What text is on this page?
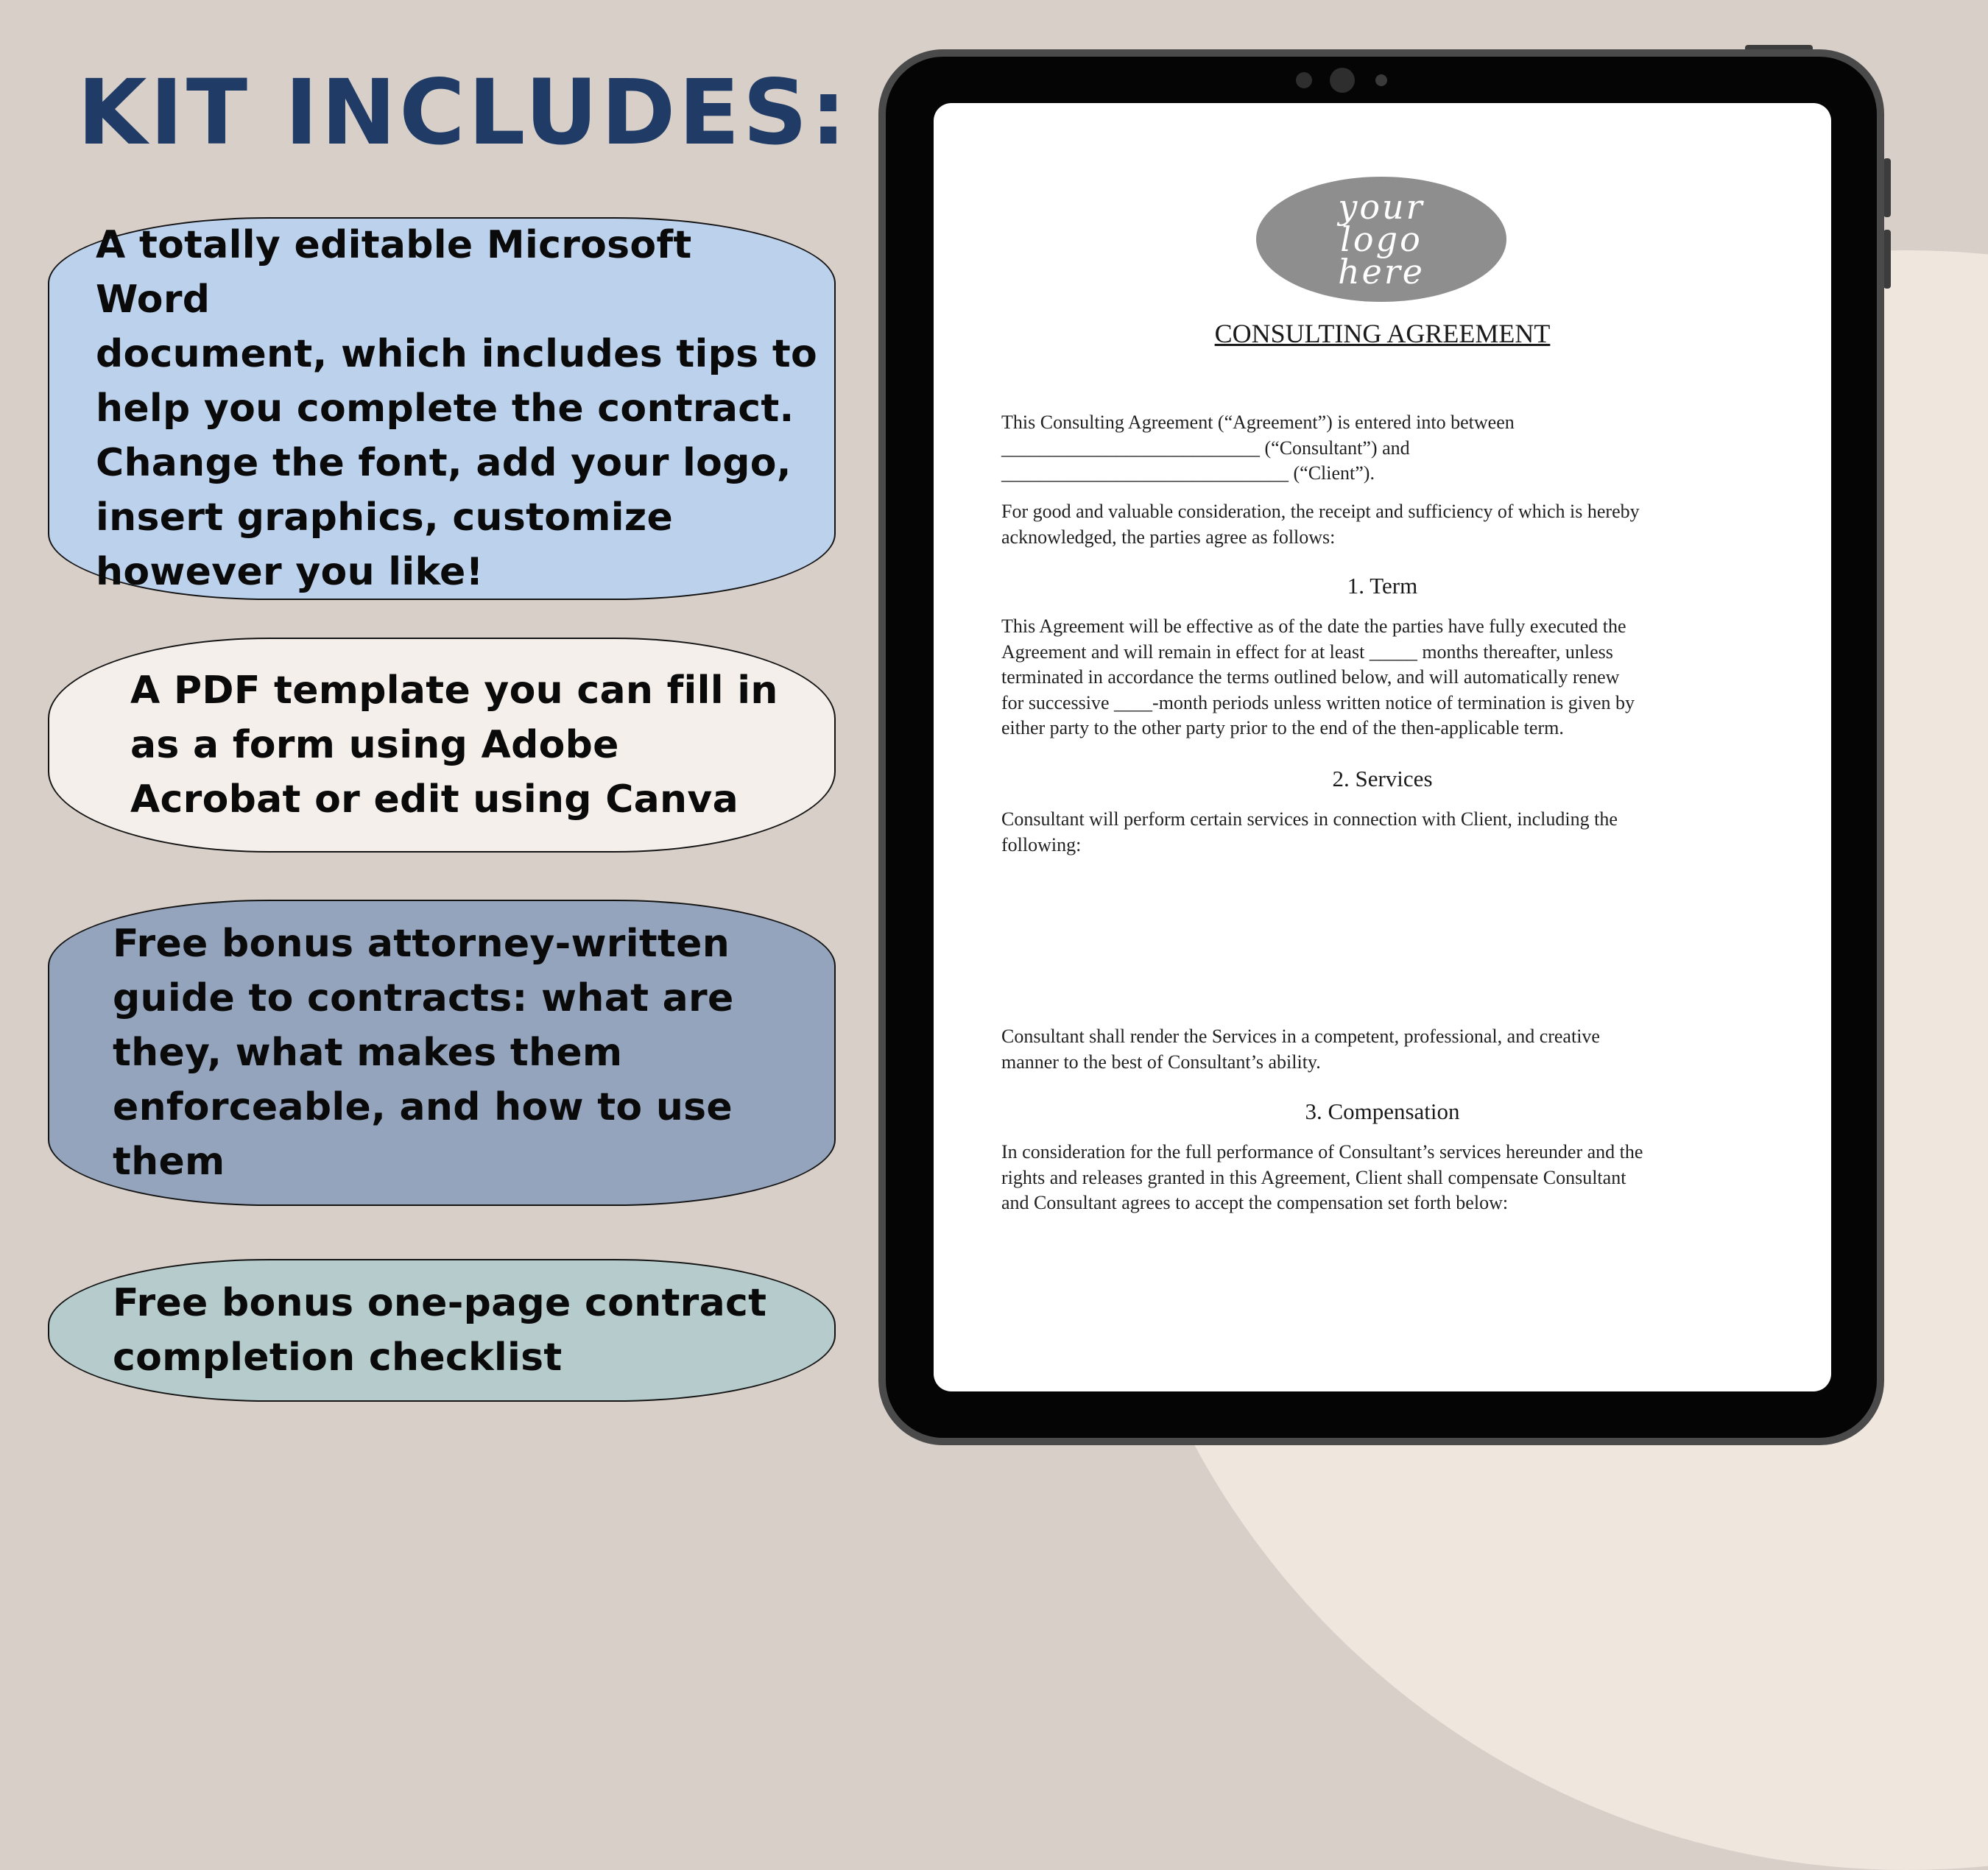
KIT INCLUDES:

A totally editable Microsoft Word
document, which includes tips to
help you complete the contract.
Change the font, add your logo,
insert graphics, customize
however you like!

A PDF template you can fill in
as a form using Adobe
Acrobat or edit using Canva

Free bonus attorney-written
guide to contracts: what are
they, what makes them
enforceable, and how to use
them

Free bonus one-page contract
completion checklist

your
logo
here
CONSULTING AGREEMENT
This Consulting Agreement (“Agreement”) is entered into between
___________________________ (“Consultant”) and
______________________________ (“Client”).
For good and valuable consideration, the receipt and sufficiency of which is hereby
acknowledged, the parties agree as follows:
1. Term
This Agreement will be effective as of the date the parties have fully executed the
Agreement and will remain in effect for at least _____ months thereafter, unless
terminated in accordance the terms outlined below, and will automatically renew
for successive ____-month periods unless written notice of termination is given by
either party to the other party prior to the end of the then-applicable term.
2. Services
Consultant will perform certain services in connection with Client, including the
following:
Consultant shall render the Services in a competent, professional, and creative
manner to the best of Consultant’s ability.
3. Compensation
In consideration for the full performance of Consultant’s services hereunder and the
rights and releases granted in this Agreement, Client shall compensate Consultant
and Consultant agrees to accept the compensation set forth below:
